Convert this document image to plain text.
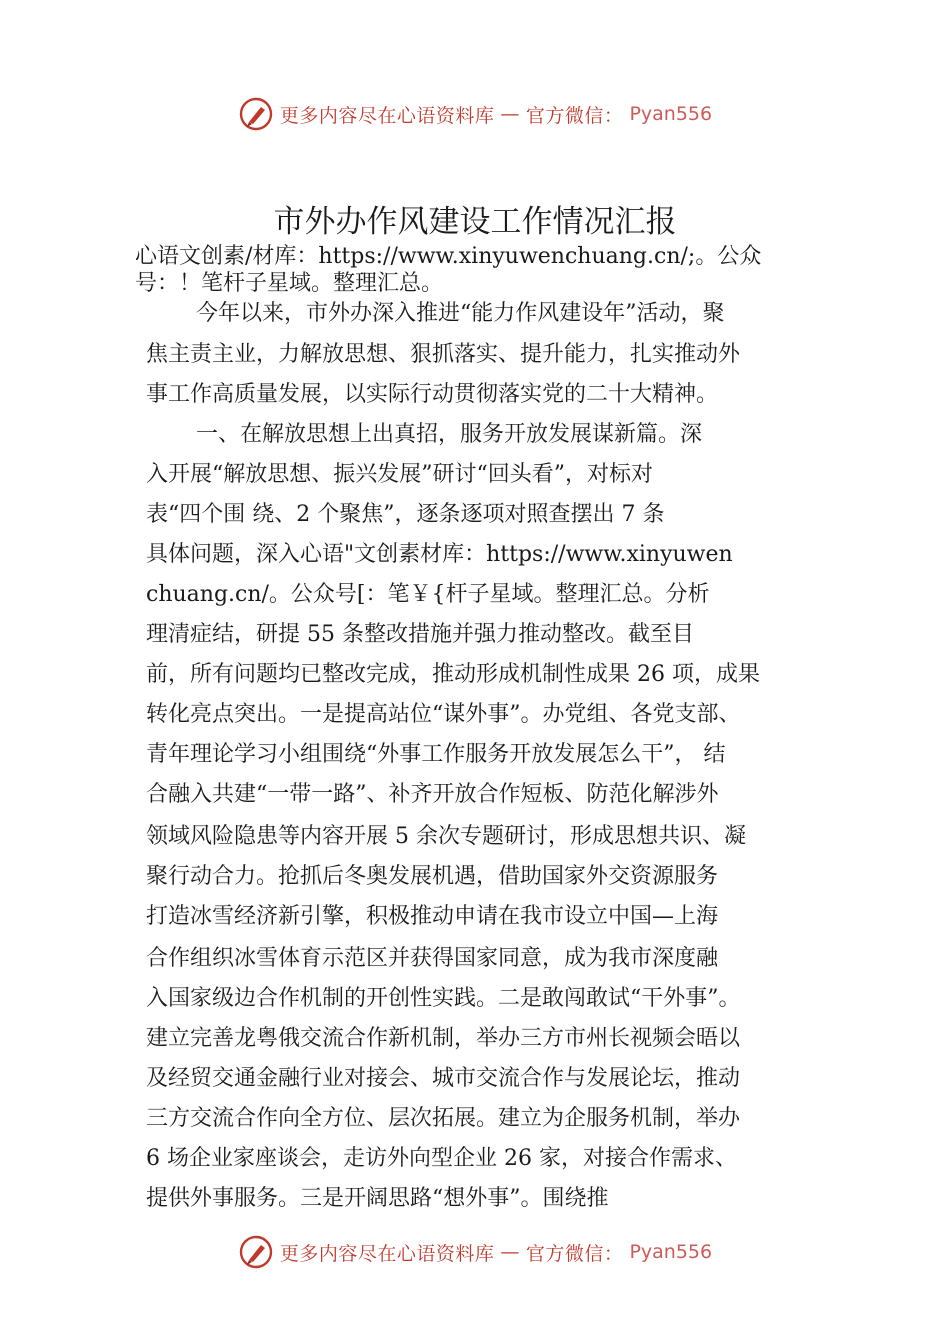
更多内容尽在心语资料库 — 官方微信： Pyan556
市外办作风建设工作情况汇报
心语文创素/材库：https://www.xinyuwenchuang.cn/;。公众
号：！笔杆子星域。整理汇总。
今年以来，市外办深入推进“能力作风建设年”活动，聚
焦主责主业，力解放思想、狠抓落实、提升能力，扎实推动外
事工作高质量发展，以实际行动贯彻落实党的二十大精神。
一、在解放思想上出真招，服务开放发展谋新篇。深
入开展“解放思想、振兴发展”研讨“回头看”，对标对
表“四个围 绕、2 个聚焦”，逐条逐项对照查摆出 7 条
具体问题，深入心语"文创素材库：https://www.xinyuwen
chuang.cn/。公众号[：笔￥{杆子星域。整理汇总。分析
理清症结，研提 55 条整改措施并强力推动整改。截至目
前，所有问题均已整改完成，推动形成机制性成果 26 项，成果
转化亮点突出。一是提高站位“谋外事”。办党组、各党支部、
青年理论学习小组围绕“外事工作服务开放发展怎么干”， 结
合融入共建“一带一路”、补齐开放合作短板、防范化解涉外
领域风险隐患等内容开展 5 余次专题研讨，形成思想共识、凝
聚行动合力。抢抓后冬奥发展机遇，借助国家外交资源服务
打造冰雪经济新引擎，积极推动申请在我市设立中国—上海
合作组织冰雪体育示范区并获得国家同意，成为我市深度融
入国家级边合作机制的开创性实践。二是敢闯敢试“干外事”。
建立完善龙粤俄交流合作新机制，举办三方市州长视频会晤以
及经贸交通金融行业对接会、城市交流合作与发展论坛，推动
三方交流合作向全方位、层次拓展。建立为企服务机制，举办
6 场企业家座谈会，走访外向型企业 26 家，对接合作需求、
提供外事服务。三是开阔思路“想外事”。围绕推
更多内容尽在心语资料库 — 官方微信： Pyan556
